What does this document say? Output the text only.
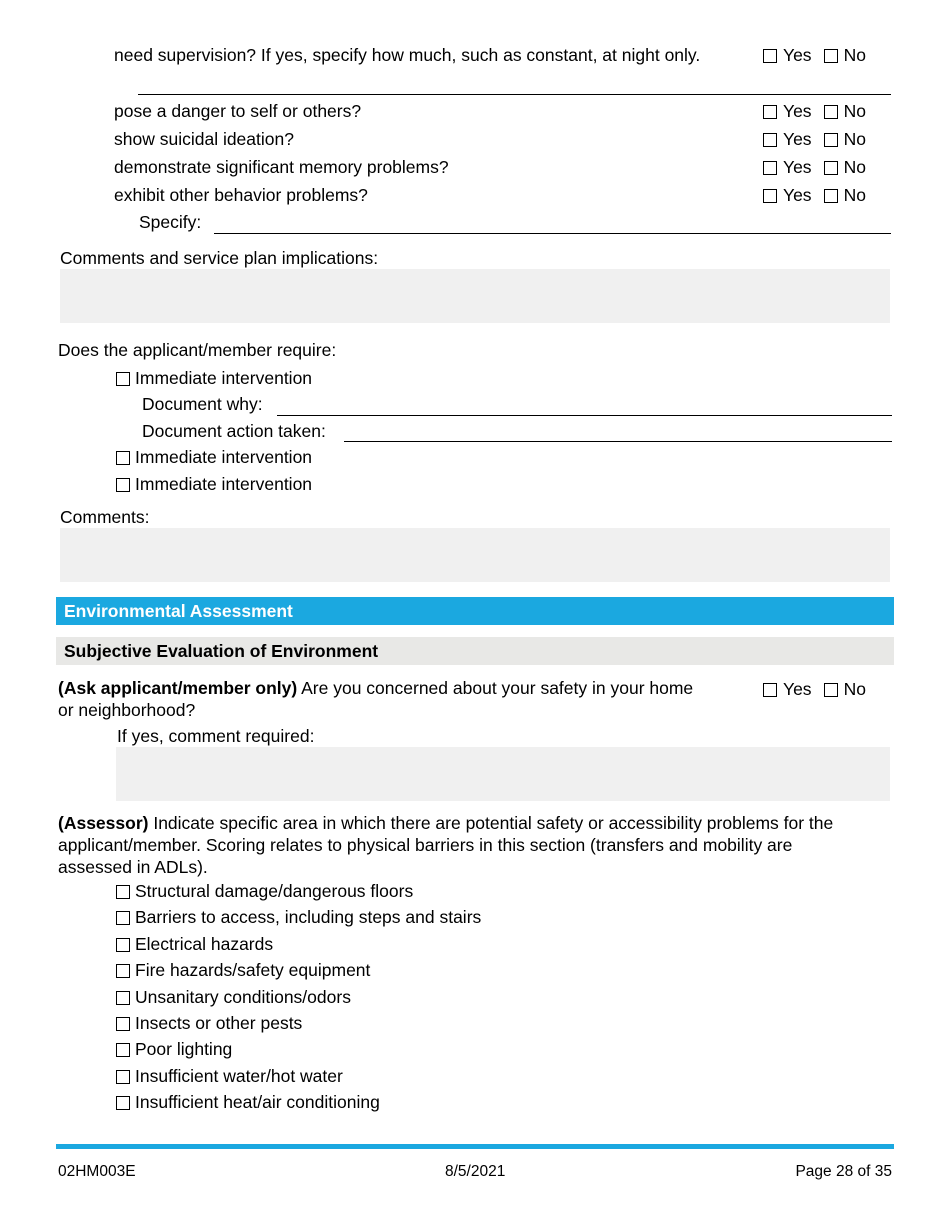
need supervision? If yes, specify how much, such as constant, at night only.	Yes No
pose a danger to self or others?	Yes No
show suicidal ideation?	Yes No
demonstrate significant memory problems?	Yes No
exhibit other behavior problems?	Yes No
Specify:
Comments and service plan implications:
Does the applicant/member require:
Immediate intervention
Document why:
Document action taken:
Immediate intervention
Immediate intervention
Comments:
Environmental Assessment
Subjective Evaluation of Environment
(Ask applicant/member only) Are you concerned about your safety in your home
or neighborhood?
Yes No
If yes, comment required:
(Assessor) Indicate specific area in which there are potential safety or accessibility problems for the
applicant/member. Scoring relates to physical barriers in this section (transfers and mobility are
assessed in ADLs).
Structural damage/dangerous floors
Barriers to access, including steps and stairs
Electrical hazards
Fire hazards/safety equipment
Unsanitary conditions/odors
Insects or other pests
Poor lighting
Insufficient water/hot water
Insufficient heat/air conditioning
02HM003E	8/5/2021	Page 28 of 35
